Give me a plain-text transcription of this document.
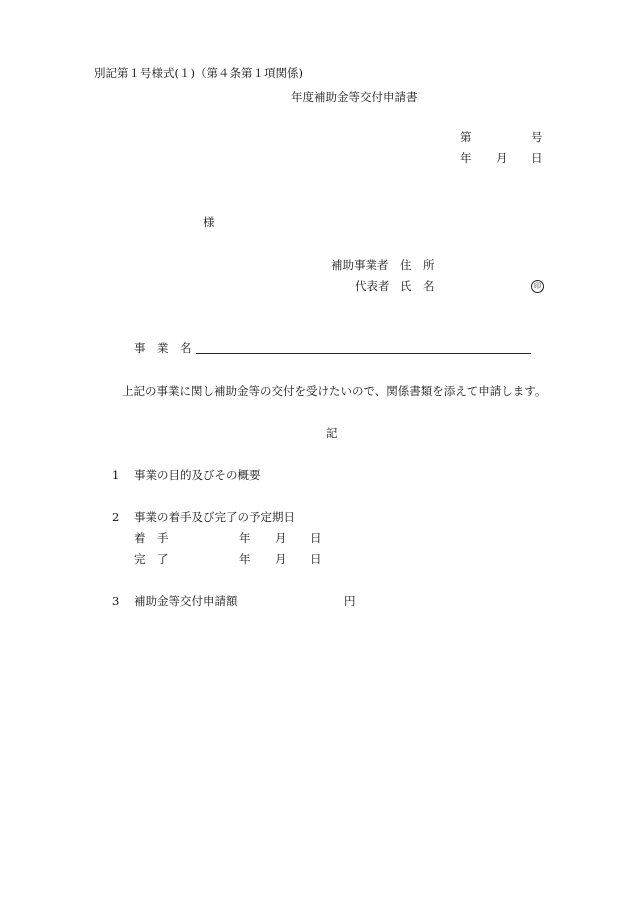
別記第１号様式(１)（第４条第１項関係)
年度補助金等交付申請書
第	号
年 月 日
様
補助事業者 住　所
代表者 氏　名	印
事　業　名
上記の事業に関し補助金等の交付を受けたいので、関係書類を添えて申請します。
記
1 事業の目的及びその概要
2 事業の着手及び完了の予定期日
着　手	年 月 日
完　了	年 月 日
3 補助金等交付申請額	円
